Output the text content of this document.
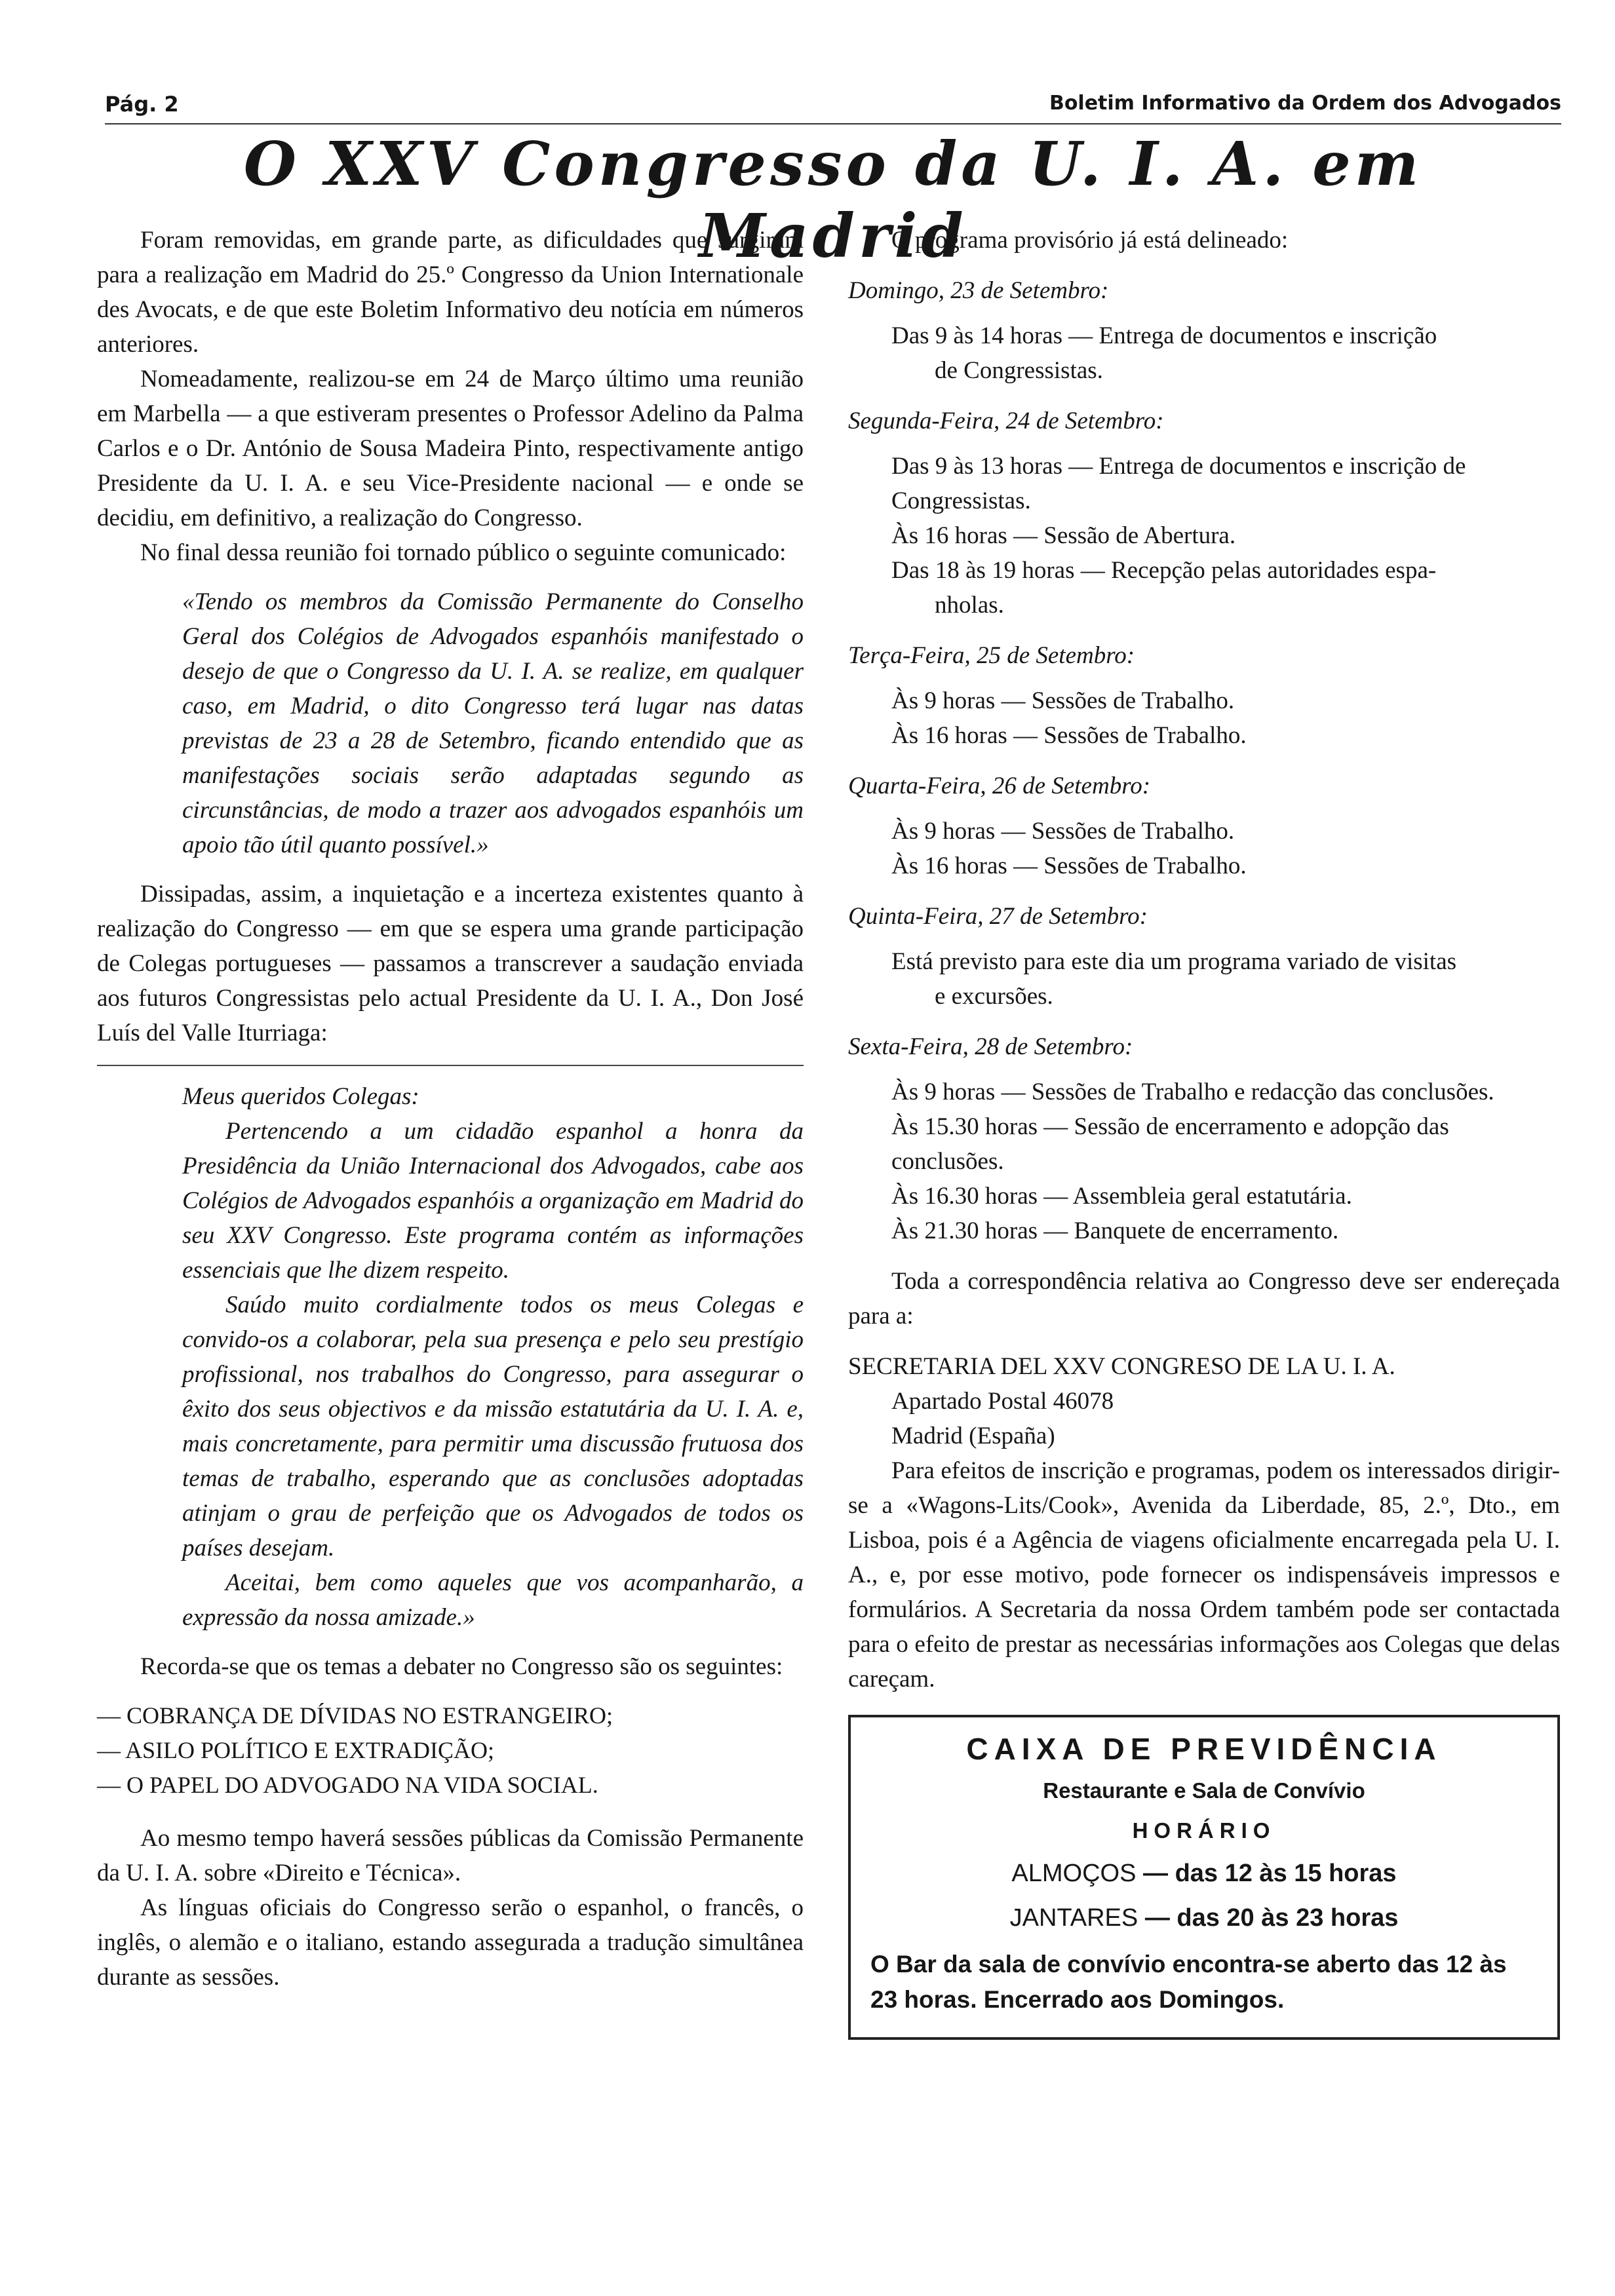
Pág. 2	Boletim Informativo da Ordem dos Advogados
O XXV Congresso da U. I. A. em Madrid

Foram removidas, em grande parte, as dificuldades que surgiram para a realização em Madrid do 25.º Congresso da Union Internationale des Avocats, e de que este Boletim Informativo deu notícia em números anteriores.

Nomeadamente, realizou-se em 24 de Março último uma reunião em Marbella — a que estiveram presentes o Professor Adelino da Palma Carlos e o Dr. António de Sousa Madeira Pinto, respectivamente antigo Presidente da U. I. A. e seu Vice-Presidente nacional — e onde se decidiu, em definitivo, a realização do Congresso.

No final dessa reunião foi tornado público o seguinte comunicado:

«Tendo os membros da Comissão Permanente do Conselho Geral dos Colégios de Advogados espanhóis manifestado o desejo de que o Congresso da U. I. A. se realize, em qualquer caso, em Madrid, o dito Congresso terá lugar nas datas previstas de 23 a 28 de Setembro, ficando entendido que as manifestações sociais serão adaptadas segundo as circunstâncias, de modo a trazer aos advogados espanhóis um apoio tão útil quanto possível.»

Dissipadas, assim, a inquietação e a incerteza existentes quanto à realização do Congresso — em que se espera uma grande participação de Colegas portugueses — passamos a transcrever a saudação enviada aos futuros Congressistas pelo actual Presidente da U. I. A., Don José Luís del Valle Iturriaga:

Meus queridos Colegas:

Pertencendo a um cidadão espanhol a honra da Presidência da União Internacional dos Advogados, cabe aos Colégios de Advogados espanhóis a organização em Madrid do seu XXV Congresso. Este programa contém as informações essenciais que lhe dizem respeito.

Saúdo muito cordialmente todos os meus Colegas e convido-os a colaborar, pela sua presença e pelo seu prestígio profissional, nos trabalhos do Congresso, para assegurar o êxito dos seus objectivos e da missão estatutária da U. I. A. e, mais concretamente, para permitir uma discussão frutuosa dos temas de trabalho, esperando que as conclusões adoptadas atinjam o grau de perfeição que os Advogados de todos os países desejam.

Aceitai, bem como aqueles que vos acompanharão, a expressão da nossa amizade.»

Recorda-se que os temas a debater no Congresso são os seguintes:

— COBRANÇA DE DÍVIDAS NO ESTRANGEIRO;
— ASILO POLÍTICO E EXTRADIÇÃO;
— O PAPEL DO ADVOGADO NA VIDA SOCIAL.

Ao mesmo tempo haverá sessões públicas da Comissão Permanente da U. I. A. sobre «Direito e Técnica».

As línguas oficiais do Congresso serão o espanhol, o francês, o inglês, o alemão e o italiano, estando assegurada a tradução simultânea durante as sessões.

O programa provisório já está delineado:

Domingo, 23 de Setembro:

Das 9 às 14 horas — Entrega de documentos e inscrição
de Congressistas.

Segunda-Feira, 24 de Setembro:

Das 9 às 13 horas — Entrega de documentos e inscrição de Congressistas.

Às 16 horas — Sessão de Abertura.

Das 18 às 19 horas — Recepção pelas autoridades espa-
nholas.

Terça-Feira, 25 de Setembro:

Às 9 horas — Sessões de Trabalho.

Às 16 horas — Sessões de Trabalho.

Quarta-Feira, 26 de Setembro:

Às 9 horas — Sessões de Trabalho.

Às 16 horas — Sessões de Trabalho.

Quinta-Feira, 27 de Setembro:

Está previsto para este dia um programa variado de visitas
e excursões.

Sexta-Feira, 28 de Setembro:

Às 9 horas — Sessões de Trabalho e redacção das conclusões.

Às 15.30 horas — Sessão de encerramento e adopção das conclusões.

Às 16.30 horas — Assembleia geral estatutária.

Às 21.30 horas — Banquete de encerramento.

Toda a correspondência relativa ao Congresso deve ser endereçada para a:

SECRETARIA DEL XXV CONGRESO DE LA U. I. A.

Apartado Postal 46078

Madrid (España)

Para efeitos de inscrição e programas, podem os interessados dirigir-se a «Wagons-Lits/Cook», Avenida da Liberdade, 85, 2.º, Dto., em Lisboa, pois é a Agência de viagens oficialmente encarregada pela U. I. A., e, por esse motivo, pode fornecer os indispensáveis impressos e formulários. A Secretaria da nossa Ordem também pode ser contactada para o efeito de prestar as necessárias informações aos Colegas que delas careçam.

CAIXA DE PREVIDÊNCIA
Restaurante e Sala de Convívio
HORÁRIO
ALMOÇOS — das 12 às 15 horas
JANTARES — das 20 às 23 horas
O Bar da sala de convívio encontra-se aberto das 12 às 23 horas. Encerrado aos Domingos.
